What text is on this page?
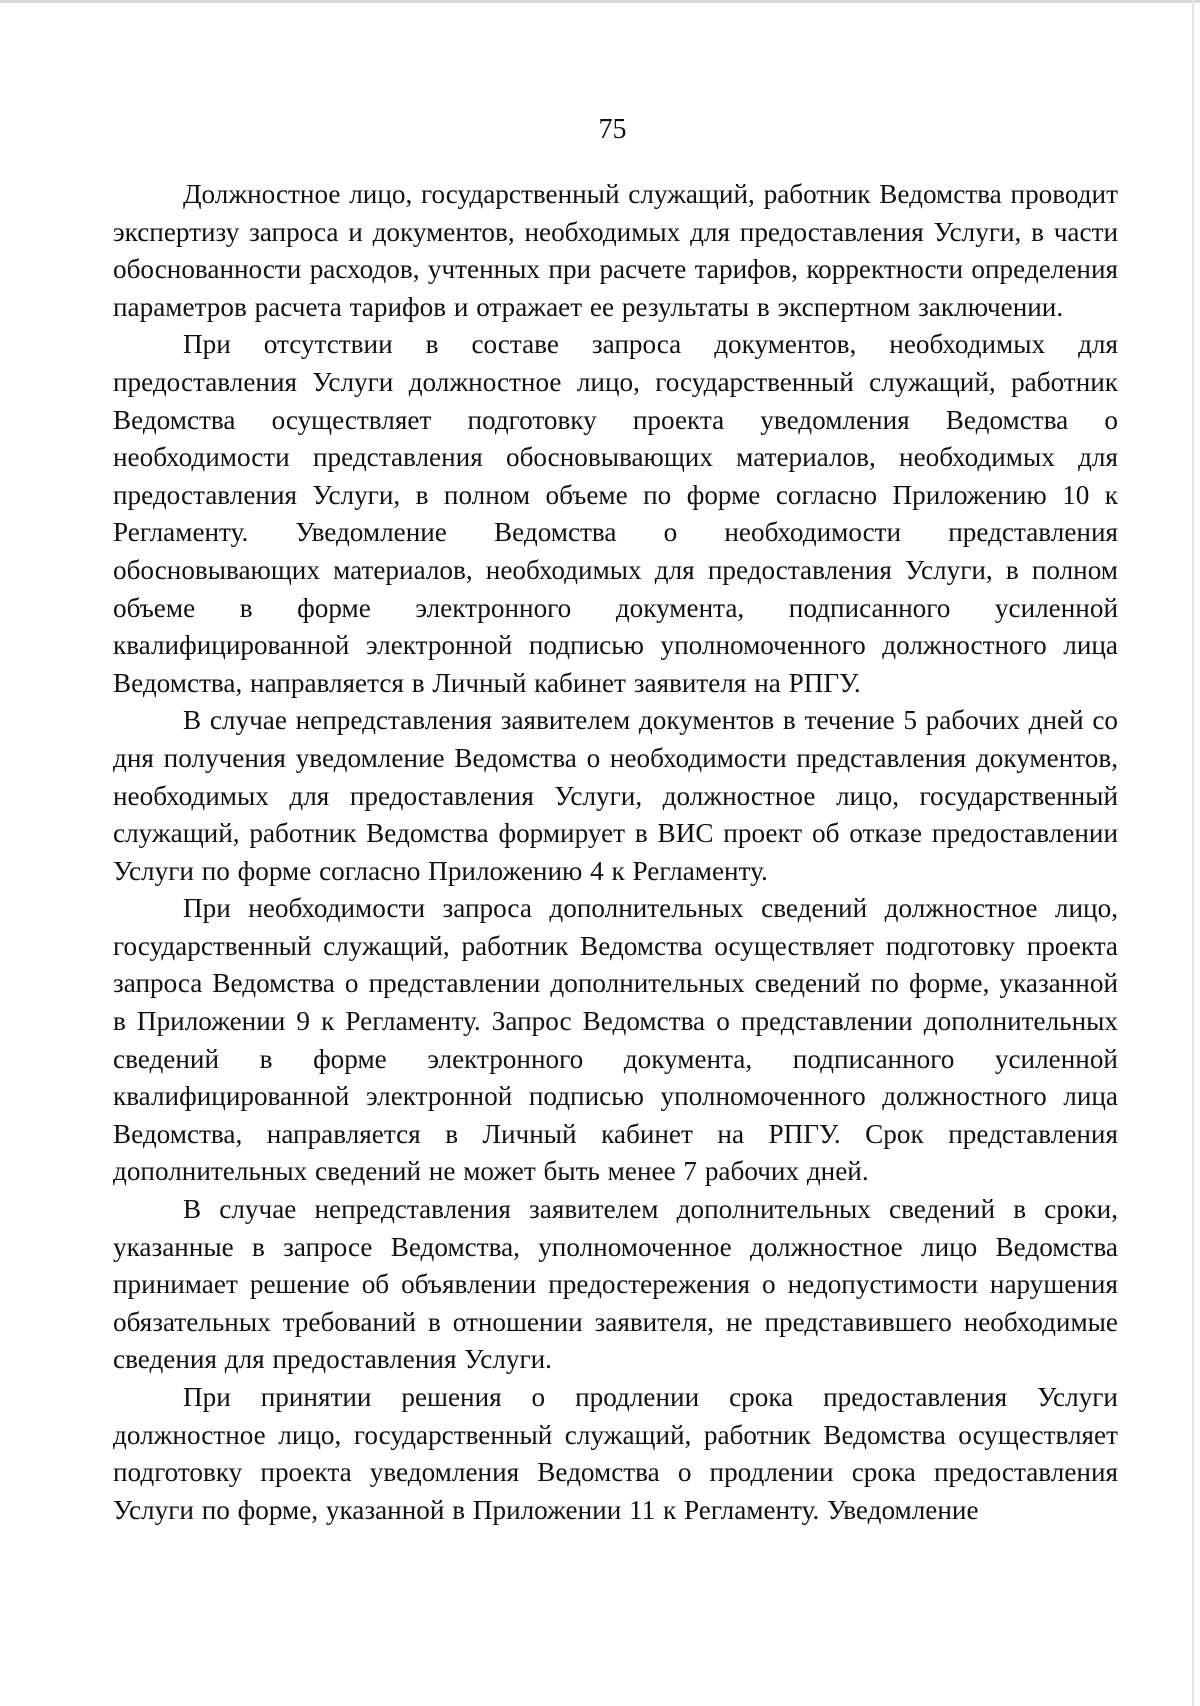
75

Должностное лицо, государственный служащий, работник Ведомства проводит экспертизу запроса и документов, необходимых для предоставления Услуги, в части обоснованности расходов, учтенных при расчете тарифов, корректности определения параметров расчета тарифов и отражает ее результаты в экспертном заключении.

При отсутствии в составе запроса документов, необходимых для предоставления Услуги должностное лицо, государственный служащий, работник Ведомства осуществляет подготовку проекта уведомления Ведомства о необходимости представления обосновывающих материалов, необходимых для предоставления Услуги, в полном объеме по форме согласно Приложению 10 к Регламенту. Уведомление Ведомства о необходимости представления обосновывающих материалов, необходимых для предоставления Услуги, в полном объеме в форме электронного документа, подписанного усиленной квалифицированной электронной подписью уполномоченного должностного лица Ведомства, направляется в Личный кабинет заявителя на РПГУ.

В случае непредставления заявителем документов в течение 5 рабочих дней со дня получения уведомление Ведомства о необходимости представления документов, необходимых для предоставления Услуги, должностное лицо, государственный служащий, работник Ведомства формирует в ВИС проект об отказе предоставлении Услуги по форме согласно Приложению 4 к Регламенту.

При необходимости запроса дополнительных сведений должностное лицо, государственный служащий, работник Ведомства осуществляет подготовку проекта запроса Ведомства о представлении дополнительных сведений по форме, указанной в Приложении 9 к Регламенту. Запрос Ведомства о представлении дополнительных сведений в форме электронного документа, подписанного усиленной квалифицированной электронной подписью уполномоченного должностного лица Ведомства, направляется в Личный кабинет на РПГУ. Срок представления дополнительных сведений не может быть менее 7 рабочих дней.

В случае непредставления заявителем дополнительных сведений в сроки, указанные в запросе Ведомства, уполномоченное должностное лицо Ведомства принимает решение об объявлении предостережения о недопустимости нарушения обязательных требований в отношении заявителя, не представившего необходимые сведения для предоставления Услуги.

При принятии решения о продлении срока предоставления Услуги должностное лицо, государственный служащий, работник Ведомства осуществляет подготовку проекта уведомления Ведомства о продлении срока предоставления Услуги по форме, указанной в Приложении 11 к Регламенту. Уведомление
